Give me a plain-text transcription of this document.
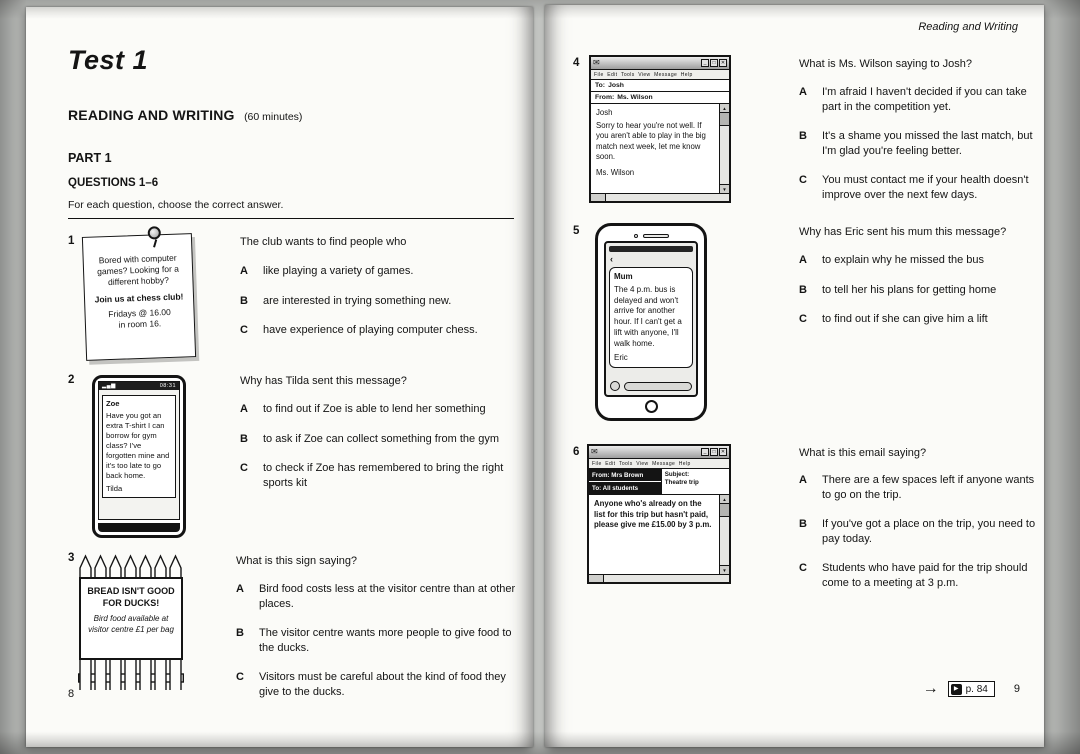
Test 1
READING AND WRITING (60 minutes)
PART 1
QUESTIONS 1–6
For each question, choose the correct answer.
1

Bored with computer games? Looking for a different hobby?

Join us at chess club!

Fridays @ 16.00

in room 16.

The club wants to find people who
A	like playing a variety of games.
B	are interested in trying something new.
C	have experience of playing computer chess.
2	▂▄▆	08:31

Zoe

Have you got an extra T-shirt I can borrow for gym class? I've forgotten mine and it's too late to go back home.

Tilda

Why has Tilda sent this message?
A	to find out if Zoe is able to lend her something
B	to ask if Zoe can collect something from the gym
C	to check if Zoe has remembered to bring the right sports kit
3

BREAD ISN'T GOOD FOR DUCKS!

Bird food available at visitor centre £1 per bag

What is this sign saying?
A	Bird food costs less at the visitor centre than at other places.
B	The visitor centre wants more people to give food to the ducks.
C	Visitors must be careful about the kind of food they give to the ducks.
8
Reading and Writing
4 ✉	_	□	✕
File  Edit  Tools  View  Message  Help
To: Josh
From: Ms. Wilson

Josh

Sorry to hear you're not well. If you aren't able to play in the big match next week, let me know soon.

Ms. Wilson

▲
▼
What is Ms. Wilson saying to Josh?
A	I'm afraid I haven't decided if you can take part in the competition yet.
B	It's a shame you missed the last match, but I'm glad you're feeling better.
C	You must contact me if your health doesn't improve over the next few days.
5
‹

Mum

The 4 p.m. bus is delayed and won't arrive for another hour. If I can't get a lift with anyone, I'll walk home.

Eric

Why has Eric sent his mum this message?
A	to explain why he missed the bus
B	to tell her his plans for getting home
C	to find out if she can give him a lift
6 ✉	_	□	✕
File  Edit  Tools  View  Message  Help
From: Mrs Brown
To: All students
Subject:
Theatre trip

Anyone who's already on the list for this trip but hasn't paid, please give me £15.00 by 3 p.m.

▲
▼
What is this email saying?
A	There are a few spaces left if anyone wants to go on the trip.
B	If you've got a place on the trip, you need to pay today.
C	Students who have paid for the trip should come to a meeting at 3 p.m.
→	▶ p. 84 9
